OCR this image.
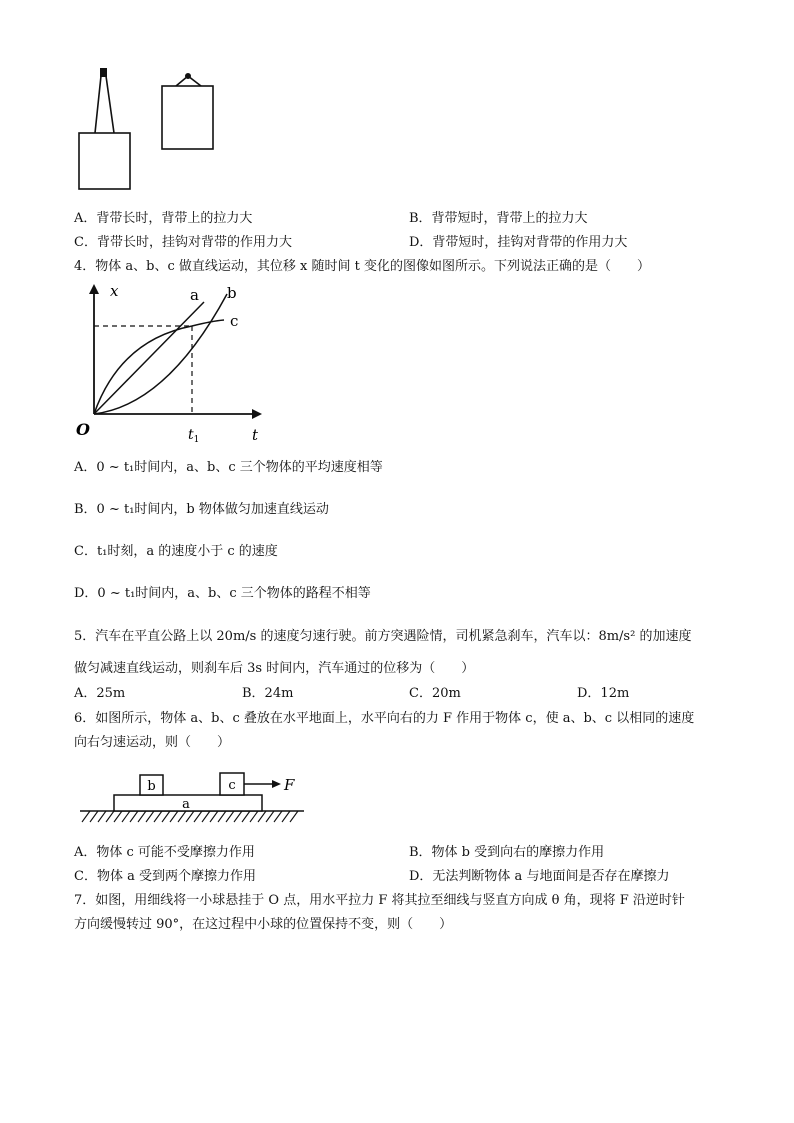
A．背带长时，背带上的拉力大	B．背带短时，背带上的拉力大
C．背带长时，挂钩对背带的作用力大	D．背带短时，挂钩对背带的作用力大
4．物体 a、b、c 做直线运动，其位移 x 随时间 t 变化的图像如图所示。下列说法正确的是（　　）
x
t
O	$t_1$
a b
c
A．0 ~ t₁时间内，a、b、c 三个物体的平均速度相等
B．0 ~ t₁时间内，b 物体做匀加速直线运动
C．t₁时刻，a 的速度小于 c 的速度
D．0 ~ t₁时间内，a、b、c 三个物体的路程不相等
5．汽车在平直公路上以 20m/s 的速度匀速行驶。前方突遇险情，司机紧急刹车，汽车以：8m/s² 的加速度
做匀减速直线运动，则刹车后 3s 时间内，汽车通过的位移为（　　）
A．25m	B．24m	C．20m	D．12m
6．如图所示，物体 a、b、c 叠放在水平地面上，水平向右的力 F 作用于物体 c，使 a、b、c 以相同的速度
向右匀速运动，则（　　）
a
b	c	F
A．物体 c 可能不受摩擦力作用	B．物体 b 受到向右的摩擦力作用
C．物体 a 受到两个摩擦力作用	D．无法判断物体 a 与地面间是否存在摩擦力
7．如图，用细线将一小球悬挂于 O 点，用水平拉力 F 将其拉至细线与竖直方向成 θ 角，现将 F 沿逆时针
方向缓慢转过 90°，在这过程中小球的位置保持不变，则（　　）
